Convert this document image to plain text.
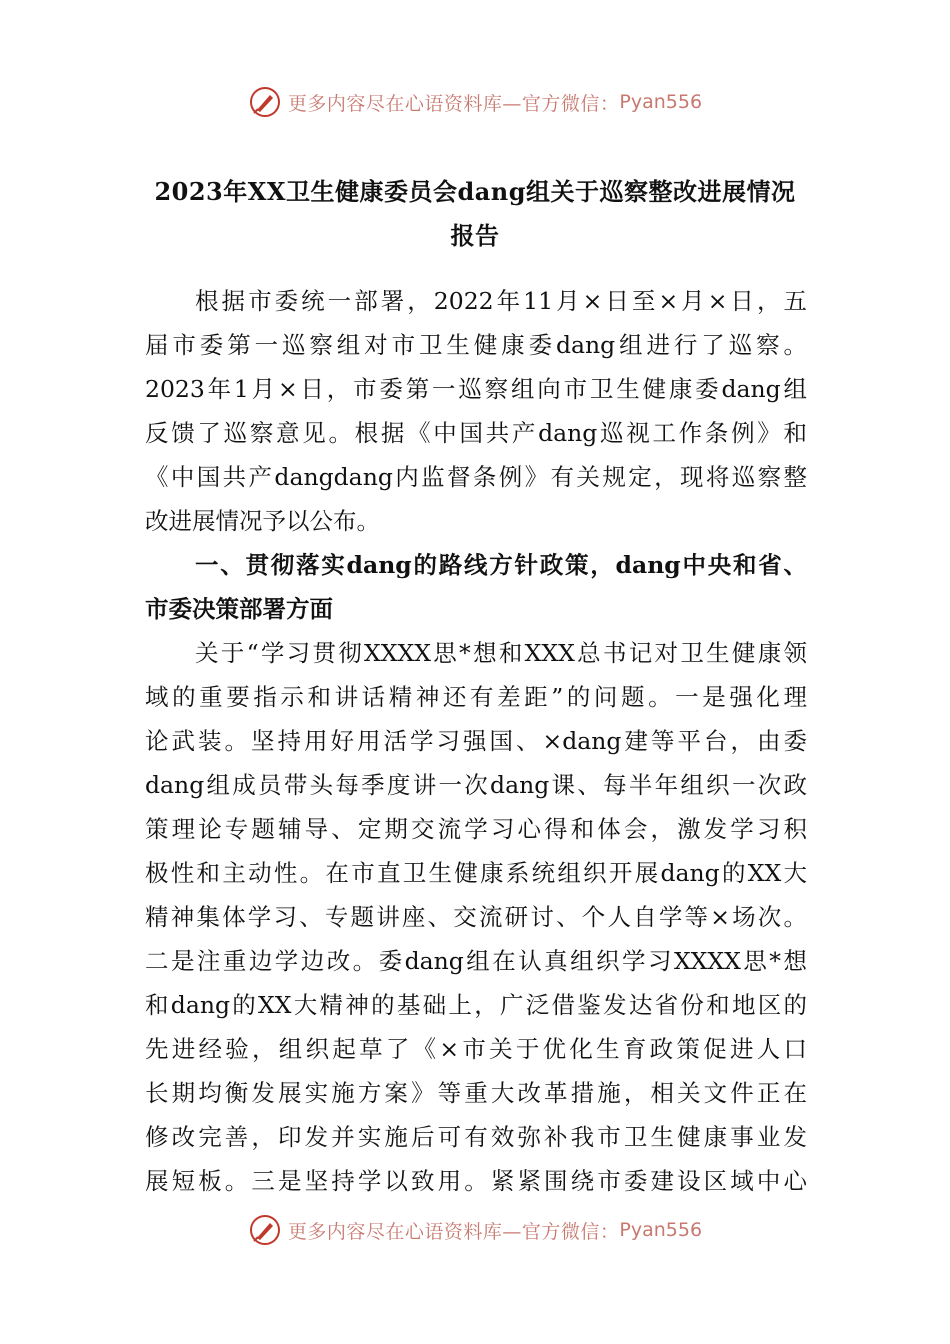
更多内容尽在心语资料库—官方微信： Pyan556
2023年XX卫生健康委员会dang组关于巡察整改进展情况
报告
根据市委统一部署，2022年11月×日至×月×日，五
届市委第一巡察组对市卫生健康委dang组进行了巡察。
2023年1月×日，市委第一巡察组向市卫生健康委dang组
反馈了巡察意见。根据《中国共产dang巡视工作条例》和
《中国共产dangdang内监督条例》有关规定，现将巡察整
改进展情况予以公布。
一、贯彻落实dang的路线方针政策，dang中央和省、
市委决策部署方面
关于“学习贯彻XXXX思*想和XXX总书记对卫生健康领
域的重要指示和讲话精神还有差距”的问题。一是强化理
论武装。坚持用好用活学习强国、×dang建等平台，由委
dang组成员带头每季度讲一次dang课、每半年组织一次政
策理论专题辅导、定期交流学习心得和体会，激发学习积
极性和主动性。在市直卫生健康系统组织开展dang的XX大
精神集体学习、专题讲座、交流研讨、个人自学等×场次。
二是注重边学边改。委dang组在认真组织学习XXXX思*想
和dang的XX大精神的基础上，广泛借鉴发达省份和地区的
先进经验，组织起草了《×市关于优化生育政策促进人口
长期均衡发展实施方案》等重大改革措施，相关文件正在
修改完善，印发并实施后可有效弥补我市卫生健康事业发
展短板。三是坚持学以致用。紧紧围绕市委建设区域中心
更多内容尽在心语资料库—官方微信： Pyan556
